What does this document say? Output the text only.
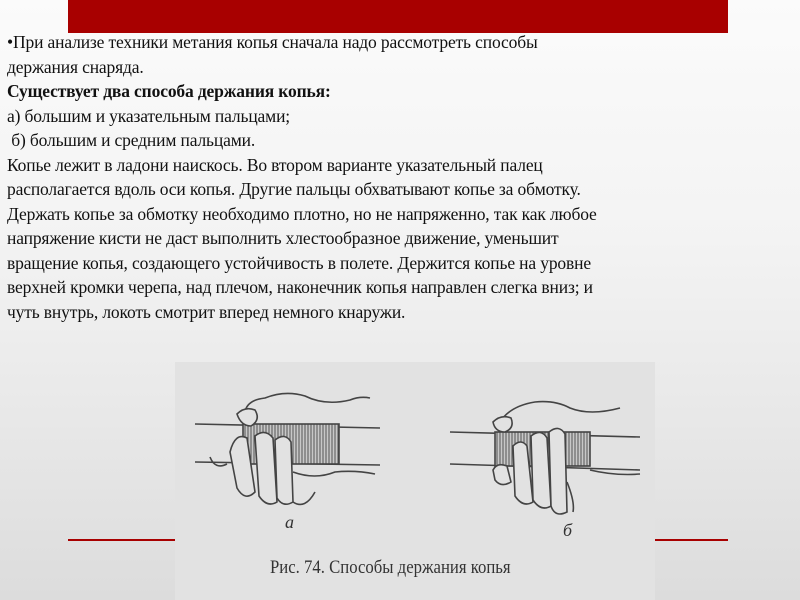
•При анализе техники метания копья сначала надо рассмотреть способы
держания снаряда.
Существует два способа держания копья:
а) большим и указательным пальцами;
б) большим и средним пальцами.
Копье лежит в ладони наискось. Во втором варианте указательный палец
располагается вдоль оси копья. Другие пальцы обхватывают копье за обмотку.
Держать копье за обмотку необходимо плотно, но не напряженно, так как любое
напряжение кисти не даст выполнить хлестообразное движение, уменьшит
вращение копья, создающего устойчивость в полете. Держится копье на уровне
верхней кромки черепа, над плечом, наконечник копья направлен слегка вниз; и
чуть внутрь, локоть смотрит вперед немного кнаружи.
а	б
Рис. 74. Способы держания копья
